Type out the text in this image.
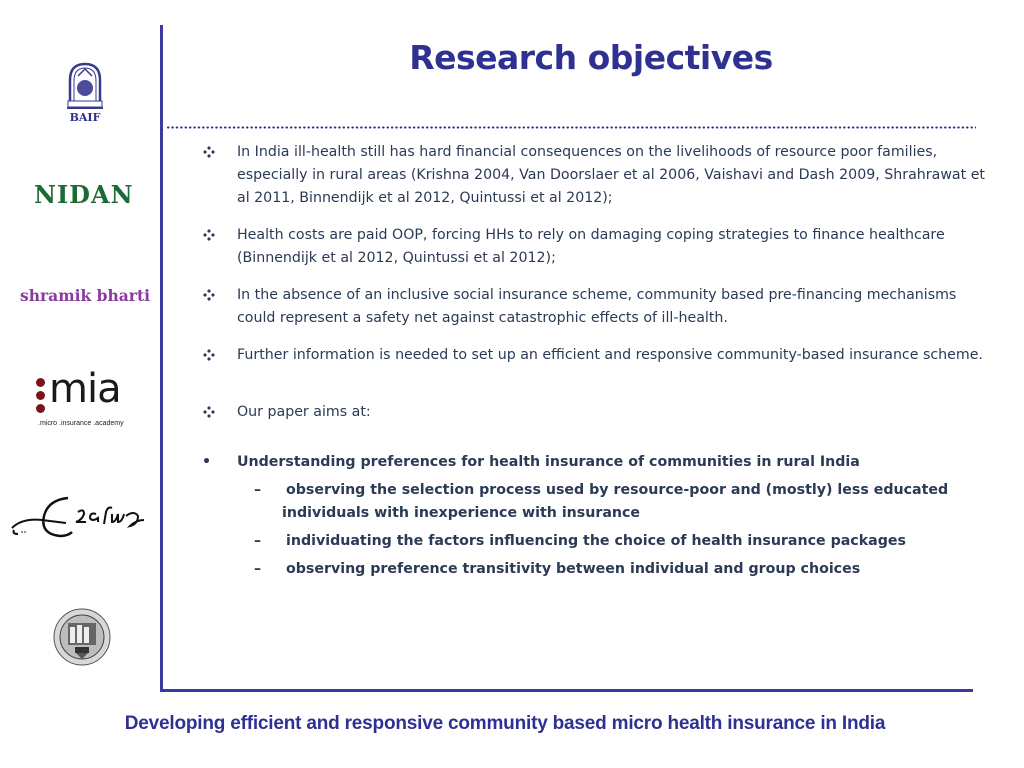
BAIF
NIDAN
shramik bharti
mia
.micro .insurance .academy
Research objectives
In India ill-health still has hard financial consequences on the livelihoods of resource poor families, especially in rural areas (Krishna 2004, Van Doorslaer et al 2006, Vaishavi and Dash 2009, Shrahrawat et al 2011, Binnendijk et al 2012, Quintussi et al 2012);
Health costs are paid OOP, forcing HHs to rely on damaging coping strategies to finance healthcare (Binnendijk et al 2012, Quintussi et al 2012);
In the absence of an inclusive social insurance scheme, community based pre-financing mechanisms could represent a safety net against catastrophic effects of ill-health.
Further information is needed to set up an efficient and responsive community-based insurance scheme.
Our paper aims at:
• Understanding preferences for health insurance of communities in rural India
– observing the selection process used by resource-poor and (mostly) less educated individuals with inexperience with insurance
– individuating the factors influencing the choice of health insurance packages
– observing preference transitivity between individual and group choices
Developing efficient and responsive community based micro health insurance in India
